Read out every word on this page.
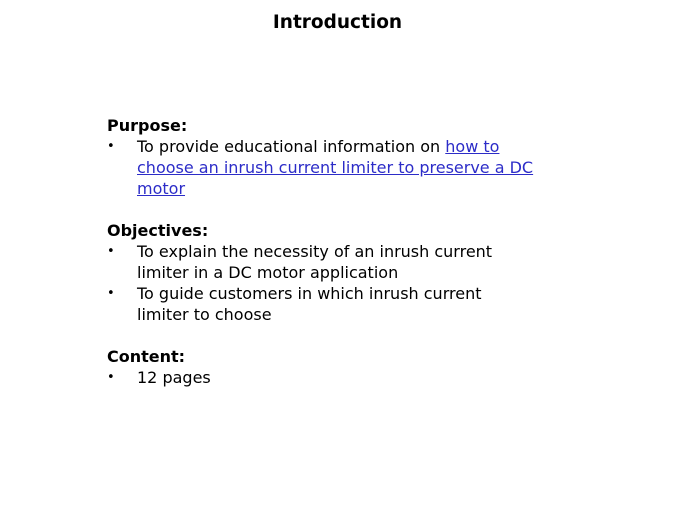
Introduction

Purpose:

• To provide educational information on how to choose an inrush current limiter to preserve a DC motor

Objectives:

• To explain the necessity of an inrush current limiter in a DC motor application
• To guide customers in which inrush current limiter to choose

Content:

• 12 pages
